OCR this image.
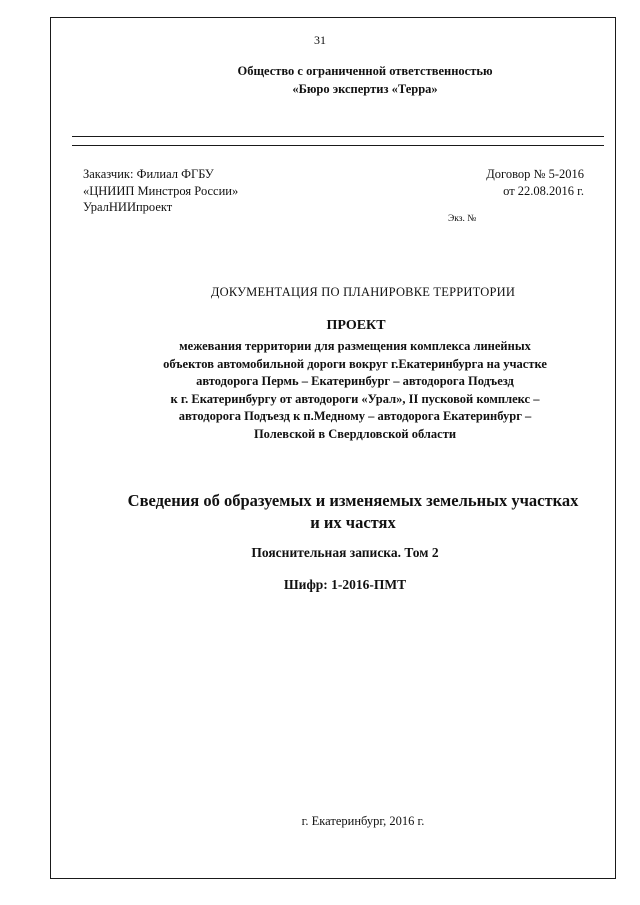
31
Общество с ограниченной ответственностью
«Бюро экспертиз «Терра»
Заказчик: Филиал ФГБУ
«ЦНИИП Минстроя России»
УралНИИпроект
Договор № 5-2016
от 22.08.2016 г.
Экз. №
ДОКУМЕНТАЦИЯ ПО ПЛАНИРОВКЕ ТЕРРИТОРИИ
ПРОЕКТ
межевания территории для размещения комплекса линейных
объектов автомобильной дороги вокруг г.Екатеринбурга на участке
автодорога Пермь – Екатеринбург – автодорога Подъезд
к г. Екатеринбургу от автодороги «Урал», II пусковой комплекс –
автодорога Подъезд к п.Медному – автодорога Екатеринбург –
Полевской в Свердловской области
Сведения об образуемых и изменяемых земельных участках
и их частях
Пояснительная записка. Том 2
Шифр: 1-2016-ПМТ
г. Екатеринбург, 2016 г.
